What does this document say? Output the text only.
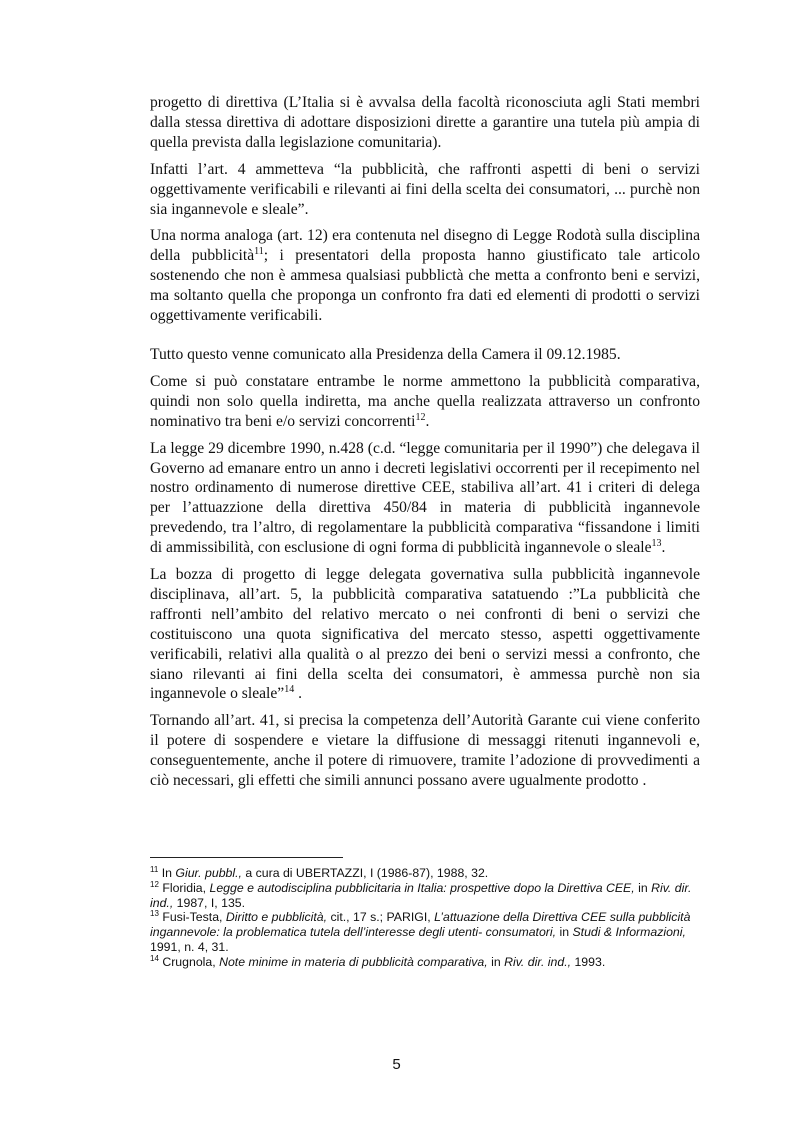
progetto di direttiva (L’Italia si è avvalsa della facoltà riconosciuta agli Stati membri dalla stessa direttiva di adottare disposizioni dirette a garantire una tutela più ampia di quella prevista dalla legislazione comunitaria).

Infatti l’art. 4 ammetteva “la pubblicità, che raffronti aspetti di beni o servizi oggettivamente verificabili e rilevanti ai fini della scelta dei consumatori, ... purchè non sia ingannevole e sleale”.

Una norma analoga (art. 12) era contenuta nel disegno di Legge Rodotà sulla disciplina della pubblicità$^{11}$; i presentatori della proposta hanno giustificato tale articolo sostenendo che non è ammesa qualsiasi pubblictà che metta a confronto beni e servizi, ma soltanto quella che proponga un confronto fra dati ed elementi di prodotti o servizi oggettivamente verificabili.

Tutto questo venne comunicato alla Presidenza della Camera il 09.12.1985.

Come si può constatare entrambe le norme ammettono la pubblicità comparativa, quindi non solo quella indiretta, ma anche quella realizzata attraverso un confronto nominativo tra beni e/o servizi concorrenti$^{12}$.

La legge 29 dicembre 1990, n.428 (c.d. “legge comunitaria per il 1990”) che delegava il Governo ad emanare entro un anno i decreti legislativi occorrenti per il recepimento nel nostro ordinamento di numerose direttive CEE, stabiliva all’art. 41 i criteri di delega per l’attuazzione della direttiva 450/84 in materia di pubblicità ingannevole prevedendo, tra l’altro, di regolamentare la pubblicità comparativa “fissandone i limiti di ammissibilità, con esclusione di ogni forma di pubblicità ingannevole o sleale$^{13}$.

La bozza di progetto di legge delegata governativa sulla pubblicità ingannevole disciplinava, all’art. 5, la pubblicità comparativa satatuendo :”La pubblicità che raffronti nell’ambito del relativo mercato o nei confronti di beni o servizi che costituiscono una quota significativa del mercato stesso, aspetti oggettivamente verificabili, relativi alla qualità o al prezzo dei beni o servizi messi a confronto, che siano rilevanti ai fini della scelta dei consumatori, è ammessa purchè non sia ingannevole o sleale”$^{14}$ .

Tornando all’art. 41, si precisa la competenza dell’Autorità Garante cui viene conferito il potere di sospendere e vietare la diffusione di messaggi ritenuti ingannevoli e, conseguentemente, anche il potere di rimuovere, tramite l’adozione di provvedimenti a ciò necessari, gli effetti che simili annunci possano avere ugualmente prodotto .

$^{11}$ In Giur. pubbl., a cura di UBERTAZZI, I (1986-87), 1988, 32.

$^{12}$ Floridia, Legge e autodisciplina pubblicitaria in Italia: prospettive dopo la Direttiva CEE, in Riv. dir. ind., 1987, I, 135.

$^{13}$ Fusi-Testa, Diritto e pubblicità, cit., 17 s.; PARIGI, L’attuazione della Direttiva CEE sulla pubblicità ingannevole: la problematica tutela dell’interesse degli utenti- consumatori, in Studi & Informazioni, 1991, n. 4, 31.

$^{14}$ Crugnola, Note minime in materia di pubblicità comparativa, in Riv. dir. ind., 1993.

5
